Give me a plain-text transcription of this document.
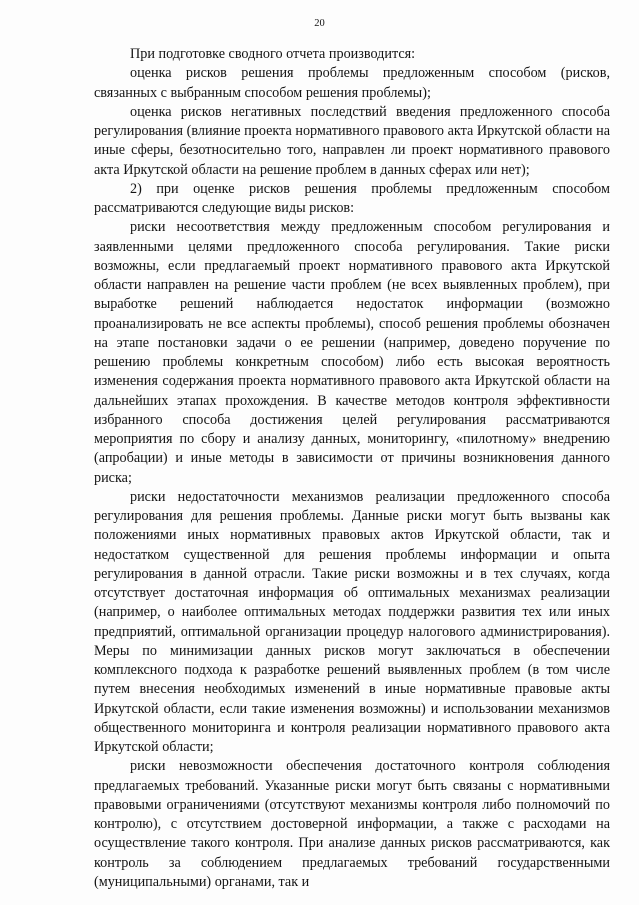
20

При подготовке сводного отчета производится:

оценка рисков решения проблемы предложенным способом (рисков, связанных с выбранным способом решения проблемы);

оценка рисков негативных последствий введения предложенного способа регулирования (влияние проекта нормативного правового акта Иркутской области на иные сферы, безотносительно того, направлен ли проект нормативного правового акта Иркутской области на решение проблем в данных сферах или нет);

2) при оценке рисков решения проблемы предложенным способом рассматриваются следующие виды рисков:

риски несоответствия между предложенным способом регулирования и заявленными целями предложенного способа регулирования. Такие риски возможны, если предлагаемый проект нормативного правового акта Иркутской области направлен на решение части проблем (не всех выявленных проблем), при выработке решений наблюдается недостаток информации (возможно проанализировать не все аспекты проблемы), способ решения проблемы обозначен на этапе постановки задачи о ее решении (например, доведено поручение по решению проблемы конкретным способом) либо есть высокая вероятность изменения содержания проекта нормативного правового акта Иркутской области на дальнейших этапах прохождения. В качестве методов контроля эффективности избранного способа достижения целей регулирования рассматриваются мероприятия по сбору и анализу данных, мониторингу, «пилотному» внедрению (апробации) и иные методы в зависимости от причины возникновения данного риска;

риски недостаточности механизмов реализации предложенного способа регулирования для решения проблемы. Данные риски могут быть вызваны как положениями иных нормативных правовых актов Иркутской области, так и недостатком существенной для решения проблемы информации и опыта регулирования в данной отрасли. Такие риски возможны и в тех случаях, когда отсутствует достаточная информация об оптимальных механизмах реализации (например, о наиболее оптимальных методах поддержки развития тех или иных предприятий, оптимальной организации процедур налогового администрирования). Меры по минимизации данных рисков могут заключаться в обеспечении комплексного подхода к разработке решений выявленных проблем (в том числе путем внесения необходимых изменений в иные нормативные правовые акты Иркутской области, если такие изменения возможны) и использовании механизмов общественного мониторинга и контроля реализации нормативного правового акта Иркутской области;

риски невозможности обеспечения достаточного контроля соблюдения предлагаемых требований. Указанные риски могут быть связаны с нормативными правовыми ограничениями (отсутствуют механизмы контроля либо полномочий по контролю), с отсутствием достоверной информации, а также с расходами на осуществление такого контроля. При анализе данных рисков рассматриваются, как контроль за соблюдением предлагаемых требований государственными (муниципальными) органами, так и
